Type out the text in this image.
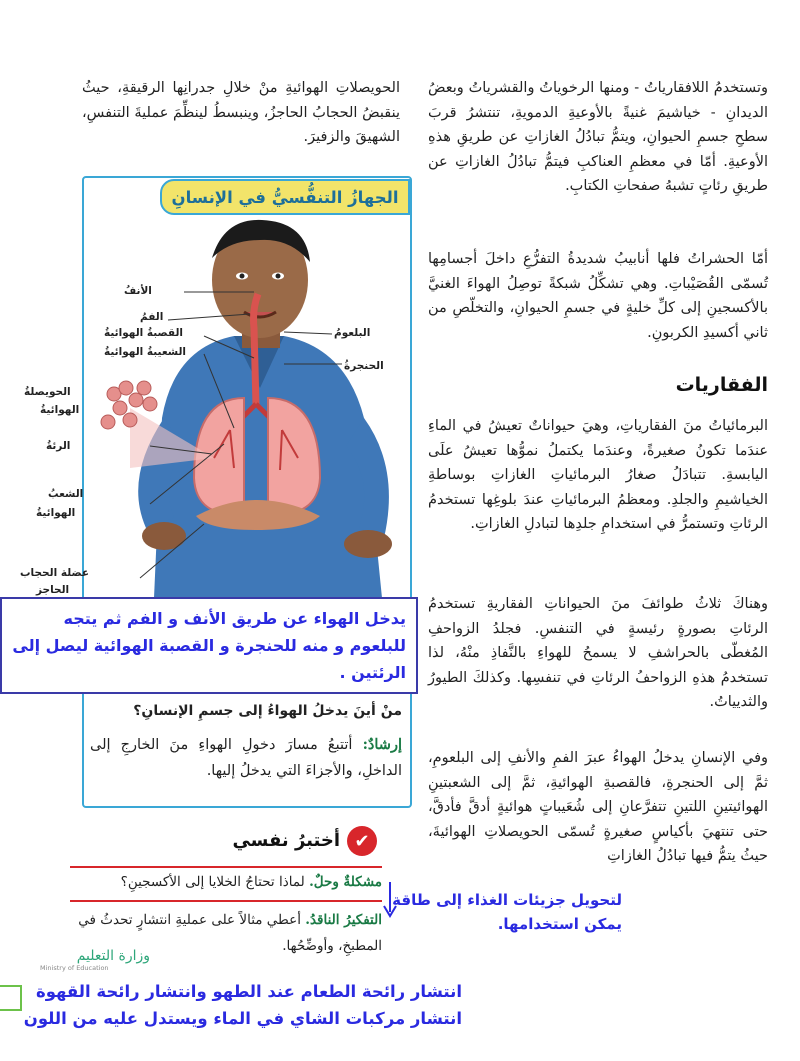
وتستخدمُ اللافقارياتُ - ومنها الرخوياتُ والقشرياتُ وبعضُ الديدانِ - خياشيمَ غنيةً بالأوعيةِ الدمويةِ، تنتشرُ قربَ سطحِ جسمِ الحيوانِ، ويتمُّ تبادُلُ الغازاتِ عن طريقِ هذهِ الأوعيةِ. أمّا في معظمِ العناكبِ فيتمُّ تبادُلُ الغازاتِ عن طريقِ رئاتٍ تشبهُ صفحاتِ الكتابِ.

أمّا الحشراتُ فلها أنابيبُ شديدةُ التفرُّعِ داخلَ أجسامِها تُسمّى القُصَيْباتِ. وهي تشكِّلُ شبكةً توصِلُ الهواءَ الغنيَّ بالأكسجينِ إلى كلِّ خليةٍ في جسمِ الحيوانِ، والتخلّصِ من ثاني أكسيدِ الكربونِ.

الفقاريات

البرمائياتُ منَ الفقارياتِ، وهيَ حيواناتٌ تعيشُ في الماءِ عندَما تكونُ صغيرةً، وعندَما يكتملُ نموُّها تعيشُ علَى اليابسةِ. تتبادَلُ صغارُ البرمائياتِ الغازاتِ بوساطةِ الخياشيمِ والجلدِ. ومعظمُ البرمائياتِ عندَ بلوغِها تستخدمُ الرئاتِ وتستمرُّ في استخدامِ جلدِها لتبادلِ الغازاتِ.

وهناكَ ثلاثُ طوائفَ منَ الحيواناتِ الفقاريةِ تستخدمُ الرئاتِ بصورةٍ رئيسةٍ في التنفسِ. فجلدُ الزواحفِ المُغطّى بالحراشفِ لا يسمحُ للهواءِ بالنَّفاذِ منْهُ، لذا تستخدمُ هذهِ الزواحفُ الرئاتِ في تنفسِها. وكذلكَ الطيورُ والثديياتُ.

وفي الإنسانِ يدخلُ الهواءُ عبرَ الفمِ والأنفِ إلى البلعومِ، ثمَّ إلى الحنجرةِ، فالقصبةِ الهوائيةِ، ثمَّ إلى الشعبتينِ الهوائيتينِ اللتينِ تتفرَّعانِ إلى شُعَيباتٍ هوائيةٍ أدقَّ فأدقَّ، حتى تنتهيَ بأكياسٍ صغيرةٍ تُسمّى الحويصلاتِ الهوائيةَ، حيثُ يتمُّ فيها تبادُلُ الغازاتِ

الحويصلاتِ الهوائيةِ منْ خلالِ جدرانِها الرقيقةِ، حيثُ ينقبضُ الحجابُ الحاجزُ، وينبسطُ لينظِّمَ عمليةَ التنفسِ، الشهيقَ والزفيرَ.

الجهازُ التنفُّسيُّ في الإنسانِ
الأنفُ
الفمُ
القصبةُ الهوائيةُ
الشعيبةُ الهوائيةُ
الحويصلةُ
الهوائيةُ
الرئةُ
الشعبُ
الهوائيةُ
عضلة الحجاب
الحاجز
البلعومُ
الحنجرةُ

يدخل الهواء عن طريق الأنف و الفم ثم يتجه للبلعوم و منه للحنجرة و القصبة الهوائية ليصل إلى الرئتين .

منْ أينَ يدخلُ الهواءُ إلى جسمِ الإنسانِ؟

إرشادٌ: أتتبعُ مسارَ دخولِ الهواءِ منَ الخارجِ إلى الداخلِ، والأجزاءَ التي يدخلُ إليها.
✔
أختبرُ نفسي

مشكلةٌ وحلٌ. لماذا تحتاجُ الخلايا إلى الأكسجينِ؟

التفكيرُ الناقدُ. أعطي مثالاً على عمليةِ انتشارٍ تحدثُ في المطبخِ، وأوضِّحُها.

وزارة التعليم
Ministry of Education
لتحويل جزيئات الغذاء إلى طاقة
يمكن استخدامها.
انتشار رائحة الطعام عند الطهو وانتشار رائحة القهوة
انتشار مركبات الشاي في الماء ويستدل عليه من اللون
